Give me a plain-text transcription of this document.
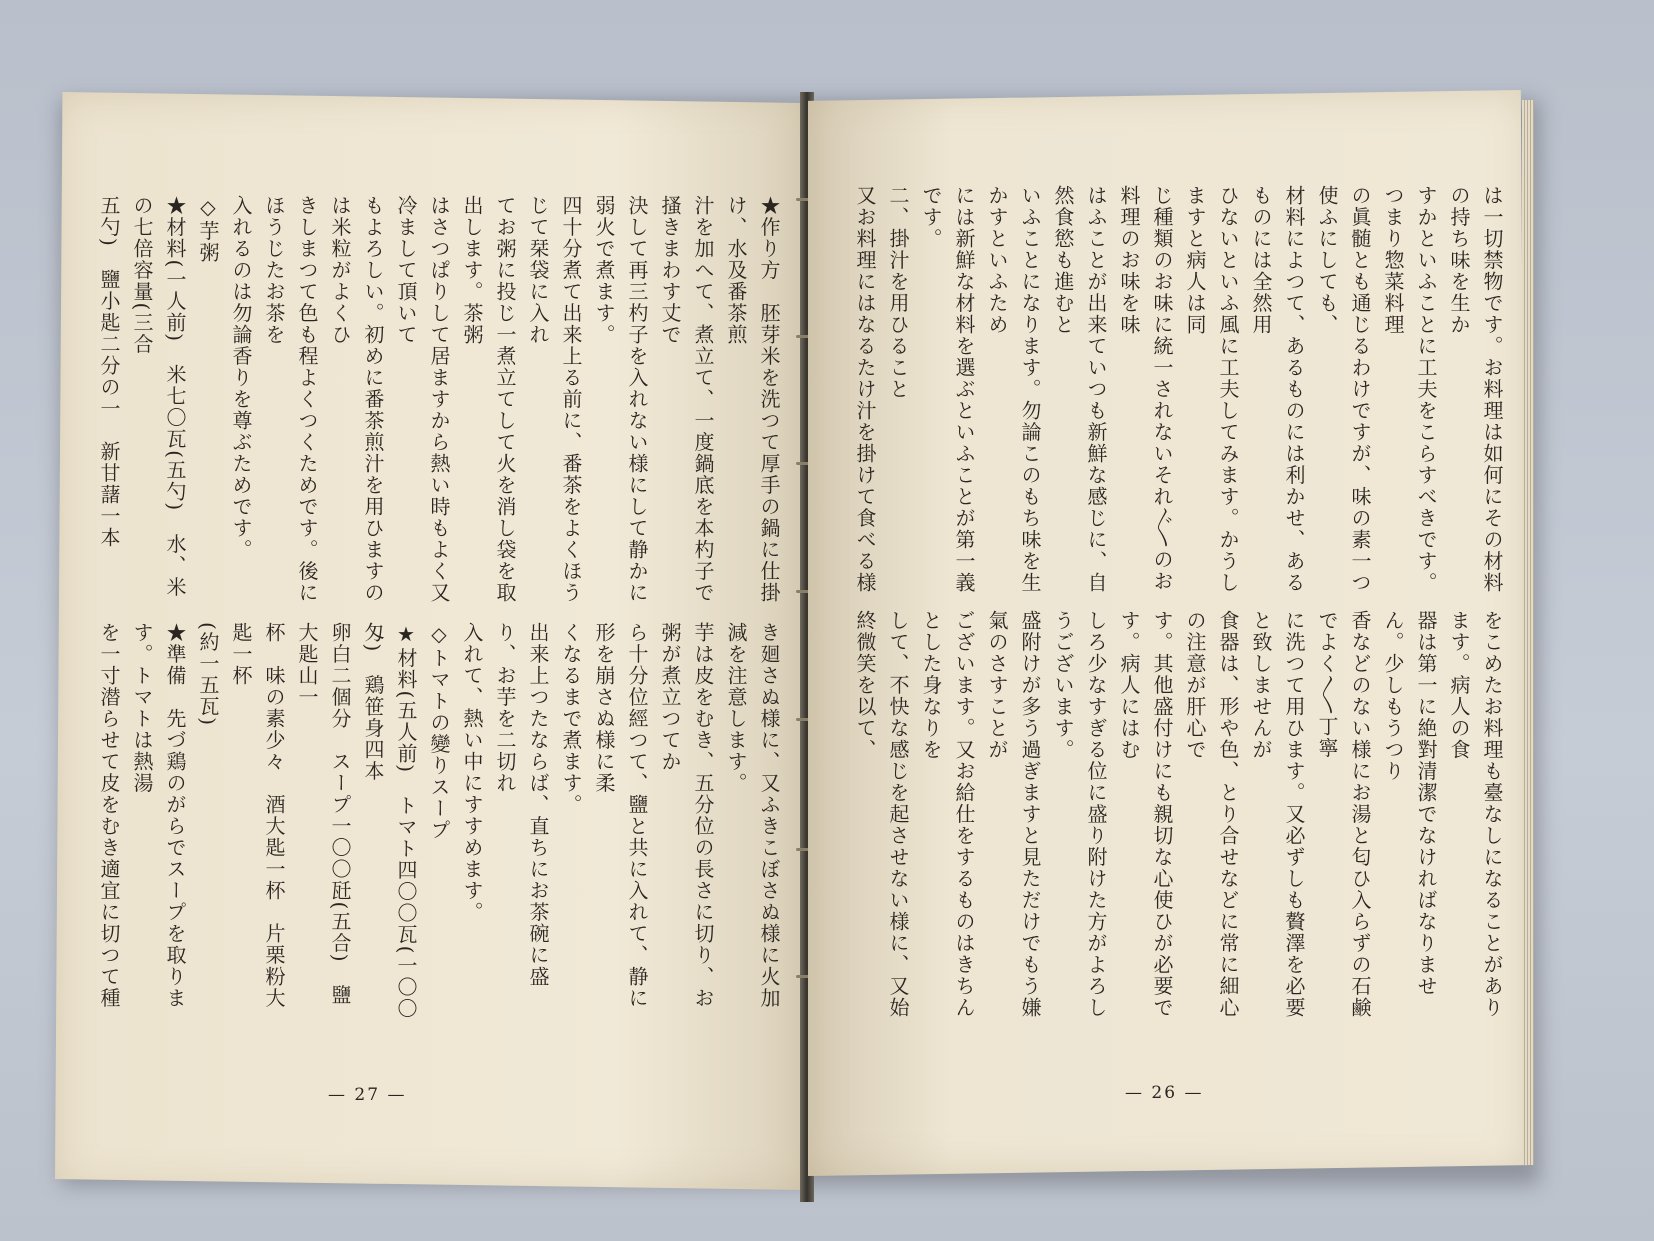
★作り方　胚芽米を洗つて厚手の鍋に仕掛け、水及番茶煎
汁を加へて、煮立て、一度鍋底を本杓子で搔きまわす丈で
決して再三杓子を入れない様にして静かに弱火で煮ます。
四十分煮て出来上る前に、番茶をよくほうじて栞袋に入れ
てお粥に投じ一煮立てして火を消し袋を取出します。茶粥
はさつぱりして居ますから熱い時もよく又冷まして頂いて
もよろしい。初めに番茶煎汁を用ひますのは米粒がよくひ
きしまつて色も程よくつくためです。後にほうじたお茶を
入れるのは勿論香りを尊ぶためです。
◇芋粥
★材料(一人前)　米七〇瓦(五勺)　水、米の七倍容量(三合
五勺)　鹽小匙二分の一　新甘藷一本

き廻さぬ様に、又ふきこぼさぬ様に火加減を注意します。
芋は皮をむき、五分位の長さに切り、お粥が煮立つてか
ら十分位經つて、鹽と共に入れて、静に形を崩さぬ様に柔
くなるまで煮ます。
出来上つたならば、直ちにお茶碗に盛り、お芋を二切れ
入れて、熱い中にすすめます。
◇トマトの變りスープ
★材料(五人前)　トマト四〇〇瓦(一〇〇匁)　鶏笹身四本
卵白二個分　スープ一〇〇瓩(五合)　鹽大匙山一
杯　味の素少々　酒大匙一杯　片栗粉大匙一杯
(約一五瓦)
★準備　先づ鶏のがらでスープを取ります。トマトは熱湯
を一寸潜らせて皮をむき適宜に切つて種

— 27 —
は一切禁物です。お料理は如何にその材料の持ち味を生か
すかといふことに工夫をこらすべきです。つまり惣菜料理
の眞髄とも通じるわけですが、味の素一つ使ふにしても、
材料によつて、あるものには利かせ、あるものには全然用
ひないといふ風に工夫してみます。かうしますと病人は同
じ種類のお味に統一されないそれ〴〵のお料理のお味を味
はふことが出来ていつも新鮮な感じに、自然食慾も進むと
いふことになります。勿論このもち味を生かすといふため
には新鮮な材料を選ぶといふことが第一義です。
二、掛汁を用ひること
又お料理にはなるたけ汁を掛けて食べる様

をこめたお料理も臺なしになることがあります。病人の食
器は第一に絶對清潔でなければなりません。少しもうつり
香などのない様にお湯と匂ひ入らずの石鹸でよく〳〵丁寧
に洗つて用ひます。又必ずしも贅澤を必要と致しませんが
食器は、形や色、とり合せなどに常に細心の注意が肝心で
す。其他盛付けにも親切な心使ひが必要です。病人にはむ
しろ少なすぎる位に盛り附けた方がよろしうございます。
盛附けが多う過ぎますと見ただけでもう嫌氣のさすことが
ございます。又お給仕をするものはきちんとした身なりを
して、不快な感じを起させない様に、又始終微笑を以て、

— 26 —
